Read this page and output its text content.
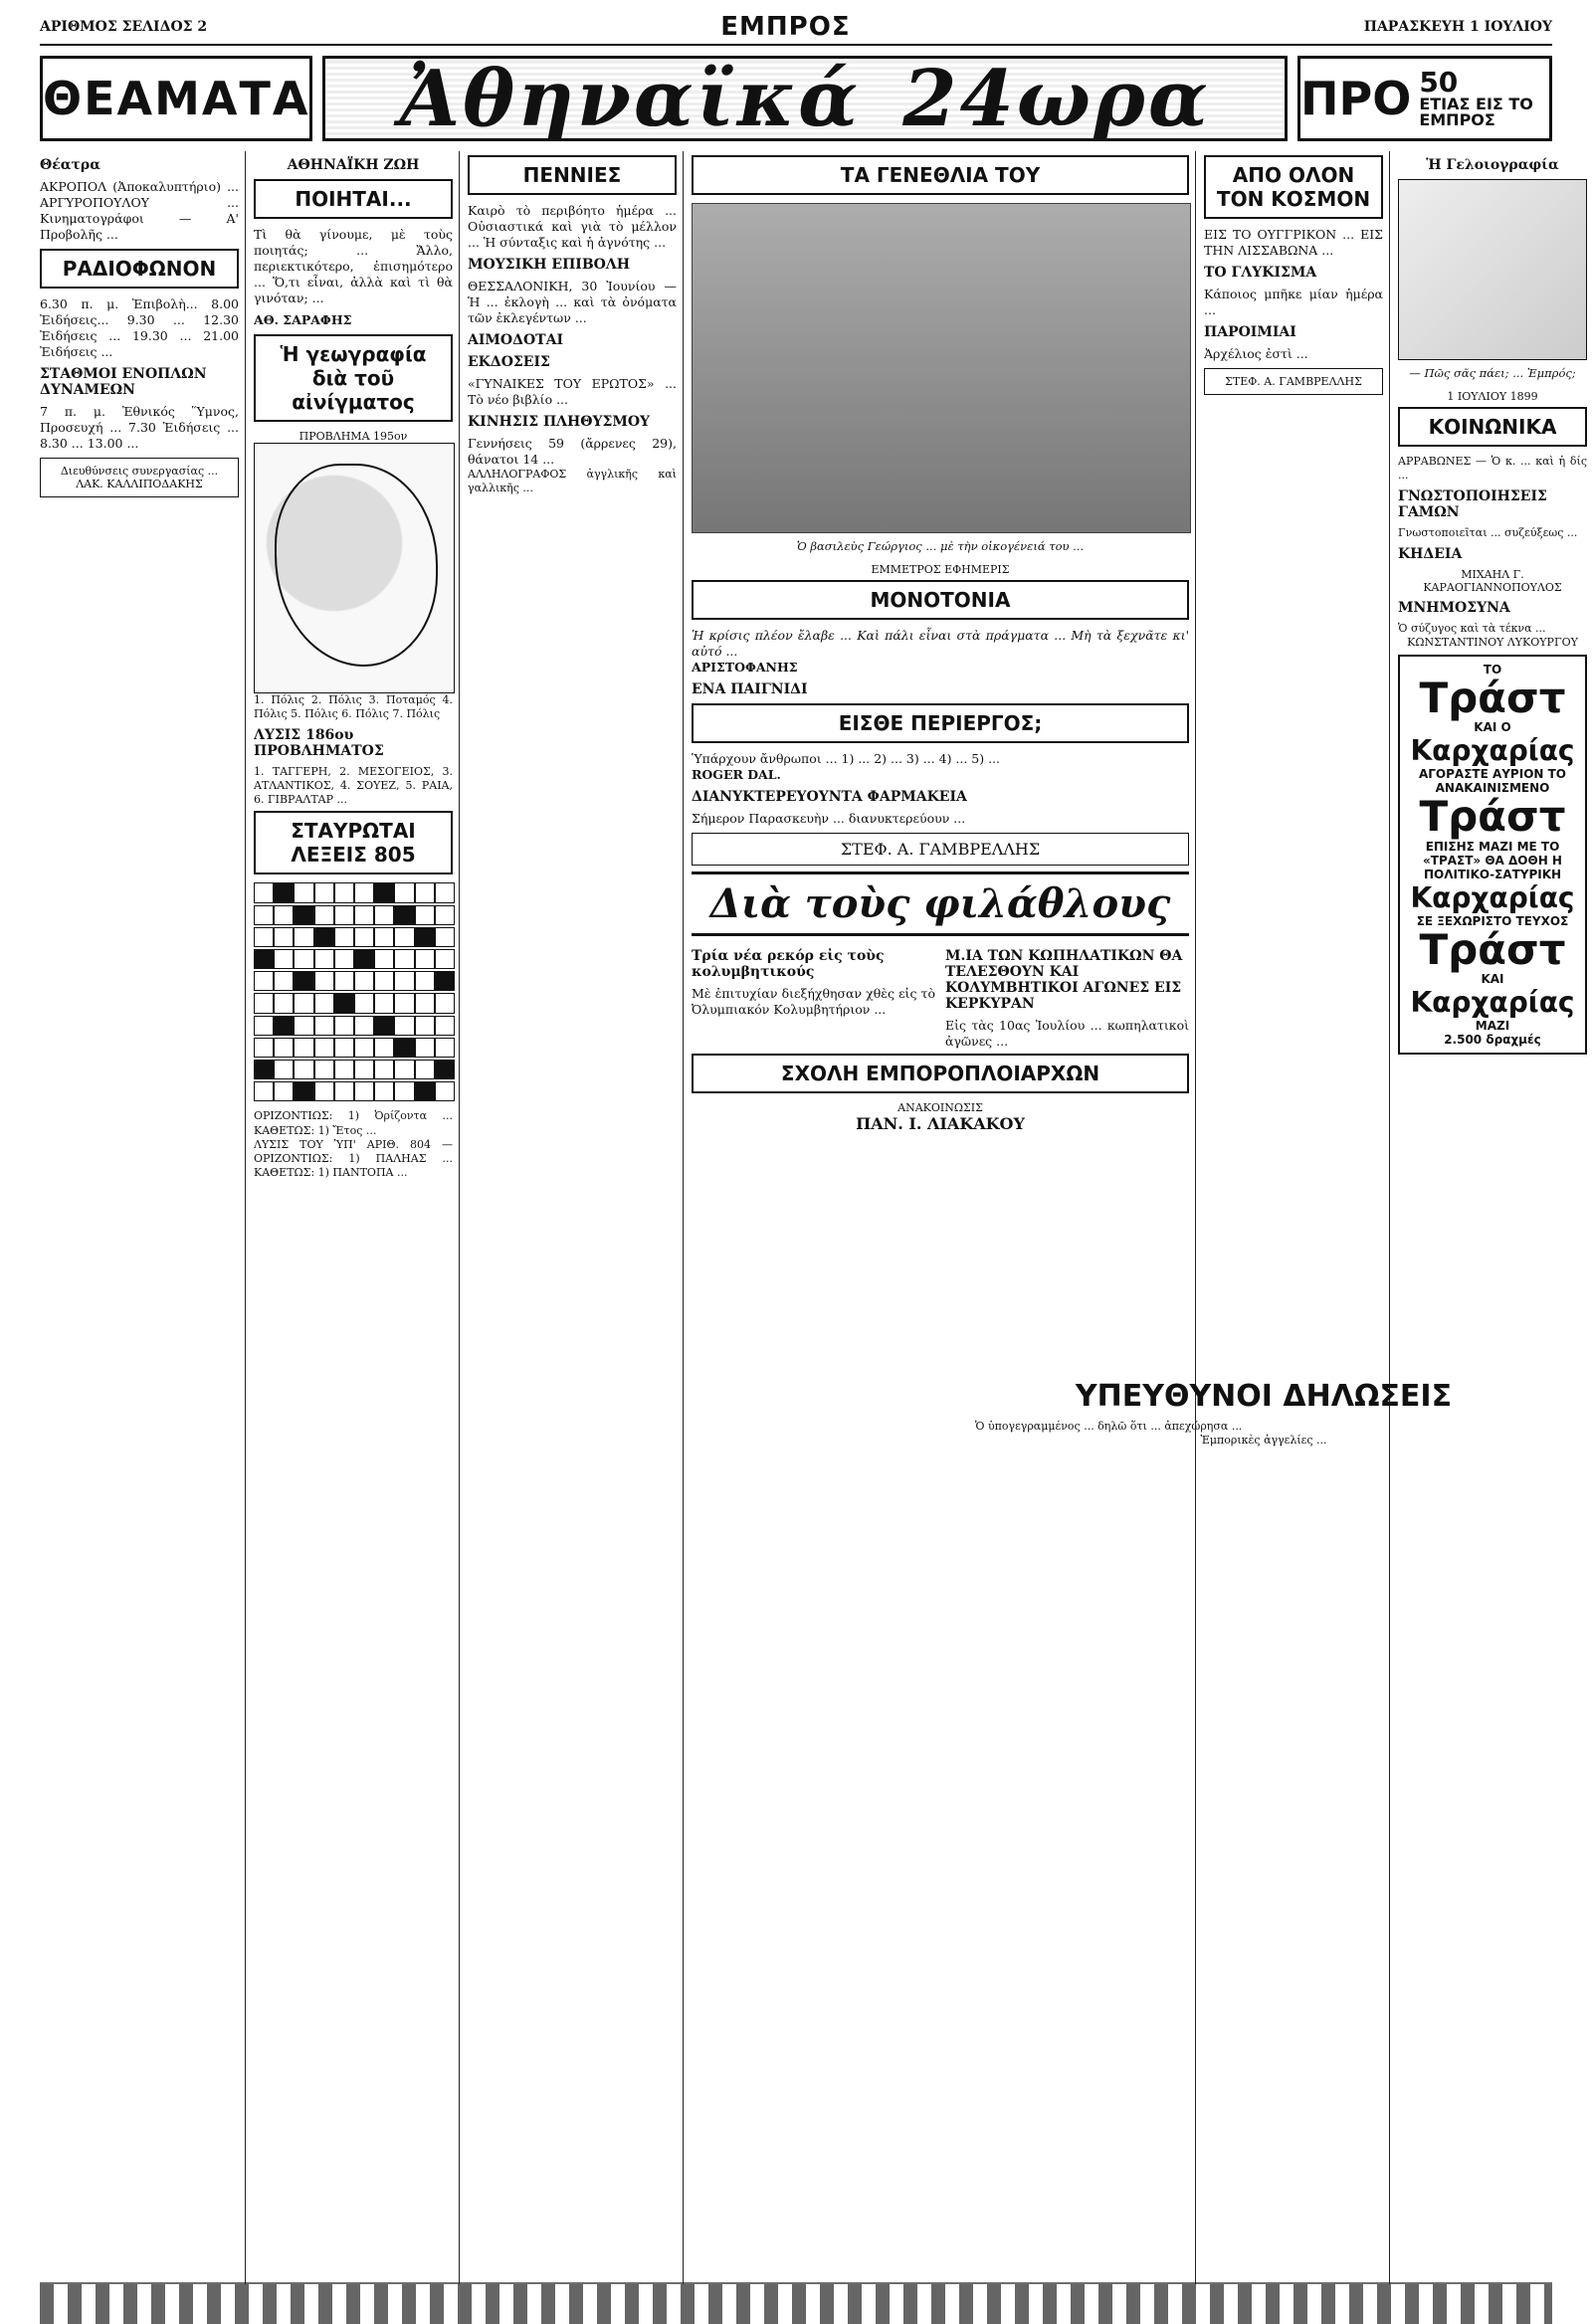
ΑΡΙΘΜΟΣ ΣΕΛΙΔΟΣ 2	ΕΜΠΡΟΣ	ΠΑΡΑΣΚΕΥΗ 1 ΙΟΥΛΙΟΥ
ΘΕΑΜΑΤΑ Ἀθηναϊκά 24ωρα ΠΡΟ 50
ΕΤΙΑΣ ΕΙΣ ΤΟ ΕΜΠΡΟΣ
Θέατρα

ΑΚΡΟΠΟΛ (Ἀποκαλυπτήριο) ... ΑΡΓΥΡΟΠΟΥΛΟΥ ... Κινηματογράφοι — Α' Προβολῆς ...

ΡΑΔΙΟΦΩΝΟΝ

6.30 π. μ. Ἐπιβολὴ... 8.00 Ἐιδήσεις... 9.30 ... 12.30 Ἐιδήσεις ... 19.30 ... 21.00 Ἐιδήσεις ...

ΣΤΑΘΜΟΙ ΕΝΟΠΛΩΝ ΔΥΝΑΜΕΩΝ

7 π. μ. Ἐθνικός Ὕμνος, Προσευχή ... 7.30 Ἐιδήσεις ... 8.30 ... 13.00 ...

Διευθύνσεις συνεργασίας ... ΛΑΚ. ΚΑΛΛΙΠΟΔΑΚΗΣ
ΑΘΗΝΑΪΚΗ ΖΩΗ
ΠΟΙΗΤΑΙ...

Τὶ θὰ γίνουμε, μὲ τοὺς ποιητάς; ... Ἄλλο, περιεκτικότερο, ἐπισημότερο ... Ὅ,τι εἶναι, ἀλλὰ καὶ τὶ θὰ γινόταν; ...

ΑΘ. ΣΑΡΑΦΗΣ

Ἡ γεωγραφία διὰ τοῦ αἰνίγματος
ΠΡΟΒΛΗΜΑ 195ον
1. Πόλις 2. Πόλις 3. Ποταμός 4. Πόλις 5. Πόλις 6. Πόλις 7. Πόλις
ΛΥΣΙΣ 186ου ΠΡΟΒΛΗΜΑΤΟΣ
1. ΤΑΓΓΕΡΗ, 2. ΜΕΣΟΓΕΙΟΣ, 3. ΑΤΛΑΝΤΙΚΟΣ, 4. ΣΟΥΕΖ, 5. ΡΑΙΑ, 6. ΓΙΒΡΑΛΤΑΡ ...
ΣΤΑΥΡΩΤΑΙ ΛΕΞΕΙΣ 805
ΟΡΙΖΟΝΤΙΩΣ: 1) Ὀρίζοντα ... ΚΑΘΕΤΩΣ: 1) Ἔτος ...
ΛΥΣΙΣ ΤΟΥ ὙΠ' ΑΡΙΘ. 804 — ΟΡΙΖΟΝΤΙΩΣ: 1) ΠΑΛΗΑΣ ... ΚΑΘΕΤΩΣ: 1) ΠΑΝΤΟΠΑ ...
ΠΕΝΝΙΕΣ

Καιρὸ τὸ περιβόητο ἡμέρα ... Οὐσιαστικά καὶ γιὰ τὸ μέλλον ... Ἡ σύνταξις καὶ ἡ ἀγνότης ...

ΜΟΥΣΙΚΗ ΕΠΙΒΟΛΗ

ΘΕΣΣΑΛΟΝΙΚΗ, 30 Ἰουνίου — Ἡ ... ἐκλογὴ ... καὶ τὰ ὀνόματα τῶν ἐκλεγέντων ...

ΑΙΜΟΔΟΤΑΙ
ΕΚΔΟΣΕΙΣ
«ΓΥΝΑΙΚΕΣ ΤΟΥ ΕΡΩΤΟΣ» ... Τὸ νέο βιβλίο ...
ΚΙΝΗΣΙΣ ΠΛΗΘΥΣΜΟΥ
Γεννήσεις 59 (ἄρρενες 29), θάνατοι 14 ...
ΑΛΛΗΛΟΓΡΑΦΟΣ ἀγγλικῆς καὶ γαλλικῆς ...
ΤΑ ΓΕΝΕΘΛΙΑ ΤΟΥ
Ὁ βασιλεὺς Γεώργιος ... μὲ τὴν οἰκογένειά του ...
ΕΜΜΕΤΡΟΣ ΕΦΗΜΕΡΙΣ
ΜΟΝΟΤΟΝΙΑ
Ἡ κρίσις πλέον ἔλαβε ... Καὶ πάλι εἶναι στὰ πράγματα ... Μὴ τὰ ξεχνᾶτε κι' αὐτό ...
ΑΡΙΣΤΟΦΑΝΗΣ
ΕΝΑ ΠΑΙΓΝΙΔΙ
ΕΙΣΘΕ ΠΕΡΙΕΡΓΟΣ;
Ὑπάρχουν ἄνθρωποι ... 1) ... 2) ... 3) ... 4) ... 5) ...
ROGER DAL.
ΔΙΑΝΥΚΤΕΡΕΥΟΥΝΤΑ ΦΑΡΜΑΚΕΙΑ
Σήμερον Παρασκευὴν ... διανυκτερεύουν ...
ΣΤΕΦ. Α. ΓΑΜΒΡΕΛΛΗΣ
Διὰ τοὺς φιλάθλους
Τρία νέα ρεκόρ εἰς τοὺς κολυμβητικούς
Μὲ ἐπιτυχίαν διεξήχθησαν χθὲς εἰς τὸ Ὀλυμπιακόν Κολυμβητήριον ...
Μ.ΙΑ ΤΩΝ ΚΩΠΗΛΑΤΙΚΩΝ ΘΑ ΤΕΛΕΣΘΟΥΝ ΚΑΙ ΚΟΛΥΜΒΗΤΙΚΟΙ ΑΓΩΝΕΣ ΕΙΣ ΚΕΡΚΥΡΑΝ
Εἰς τὰς 10ας Ἰουλίου ... κωπηλατικοὶ ἀγῶνες ...
ΣΧΟΛΗ ΕΜΠΟΡΟΠΛΟΙΑΡΧΩΝ
ΑΝΑΚΟΙΝΩΣΙΣ
ΠΑΝ. Ι. ΛΙΑΚΑΚΟΥ
ΑΠΟ ΟΛΟΝ ΤΟΝ ΚΟΣΜΟΝ
ΕΙΣ ΤΟ ΟΥΓΓΡΙΚΟΝ ... ΕΙΣ ΤΗΝ ΛΙΣΣΑΒΩΝΑ ...
ΤΟ ΓΛΥΚΙΣΜΑ
Κάποιος μπῆκε μίαν ἡμέρα ...
ΠΑΡΟΙΜΙΑΙ
Ἀρχέλιος ἐστὶ ...
ΣΤΕΦ. Α. ΓΑΜΒΡΕΛΛΗΣ
Ἡ Γελοιογραφία
— Πῶς σᾶς πάει; ... Ἐμπρός;
1 ΙΟΥΛΙΟΥ 1899
ΚΟΙΝΩΝΙΚΑ
ΑΡΡΑΒΩΝΕΣ — Ὁ κ. ... καὶ ἡ δίς ...
ΓΝΩΣΤΟΠΟΙΗΣΕΙΣ ΓΑΜΩΝ
Γνωστοποιεῖται ... συζεύξεως ...
ΚΗΔΕΙΑ
ΜΙΧΑΗΛ Γ. ΚΑΡΑΟΓΙΑΝΝΟΠΟΥΛΟΣ
ΜΝΗΜΟΣΥΝΑ
Ὁ σύζυγος καὶ τὰ τέκνα ...
ΚΩΝΣΤΑΝΤΙΝΟΥ ΛΥΚΟΥΡΓΟΥ
ΤΟ
Τράστ
ΚΑΙ Ο
Καρχαρίας
ΑΓΟΡΑΣΤΕ ΑΥΡΙΟΝ ΤΟ ΑΝΑΚΑΙΝΙΣΜΕΝΟ
Τράστ
ΕΠΙΣΗΣ ΜΑΖΙ ΜΕ ΤΟ «ΤΡΑΣΤ» ΘΑ ΔΟΘΗ Η ΠΟΛΙΤΙΚΟ-ΣΑΤΥΡΙΚΗ
Καρχαρίας
ΣΕ ΞΕΧΩΡΙΣΤΟ ΤΕΥΧΟΣ
Τράστ
ΚΑΙ
Καρχαρίας
ΜΑΖΙ
2.500 δραχμές
ΥΠΕΥΘΥΝΟΙ ΔΗΛΩΣΕΙΣ
Ὁ ὑπογεγραμμένος ... δηλῶ ὅτι ... ἀπεχώρησα ...
Ἐμπορικὲς ἀγγελίες ...
